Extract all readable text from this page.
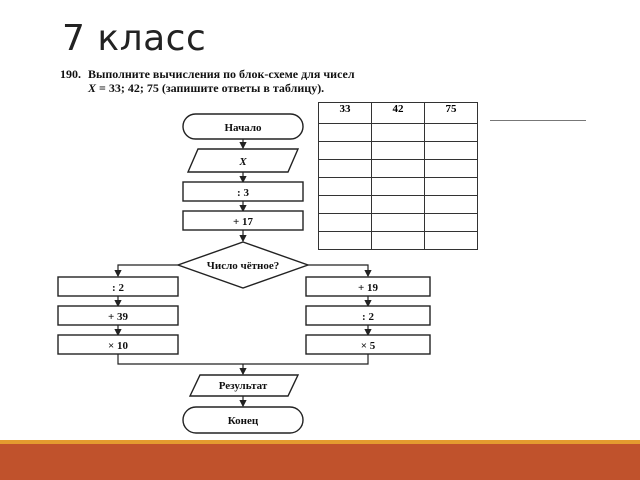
7 класс
190. Выполните вычисления по блок-схеме для чисел
X = 33; 42; 75 (запишите ответы в таблицу).
33	42	75

Начало
X
: 3
+ 17
Число чётное?
: 2
+ 39
× 10
+ 19
: 2
× 5
Результат
Конец
